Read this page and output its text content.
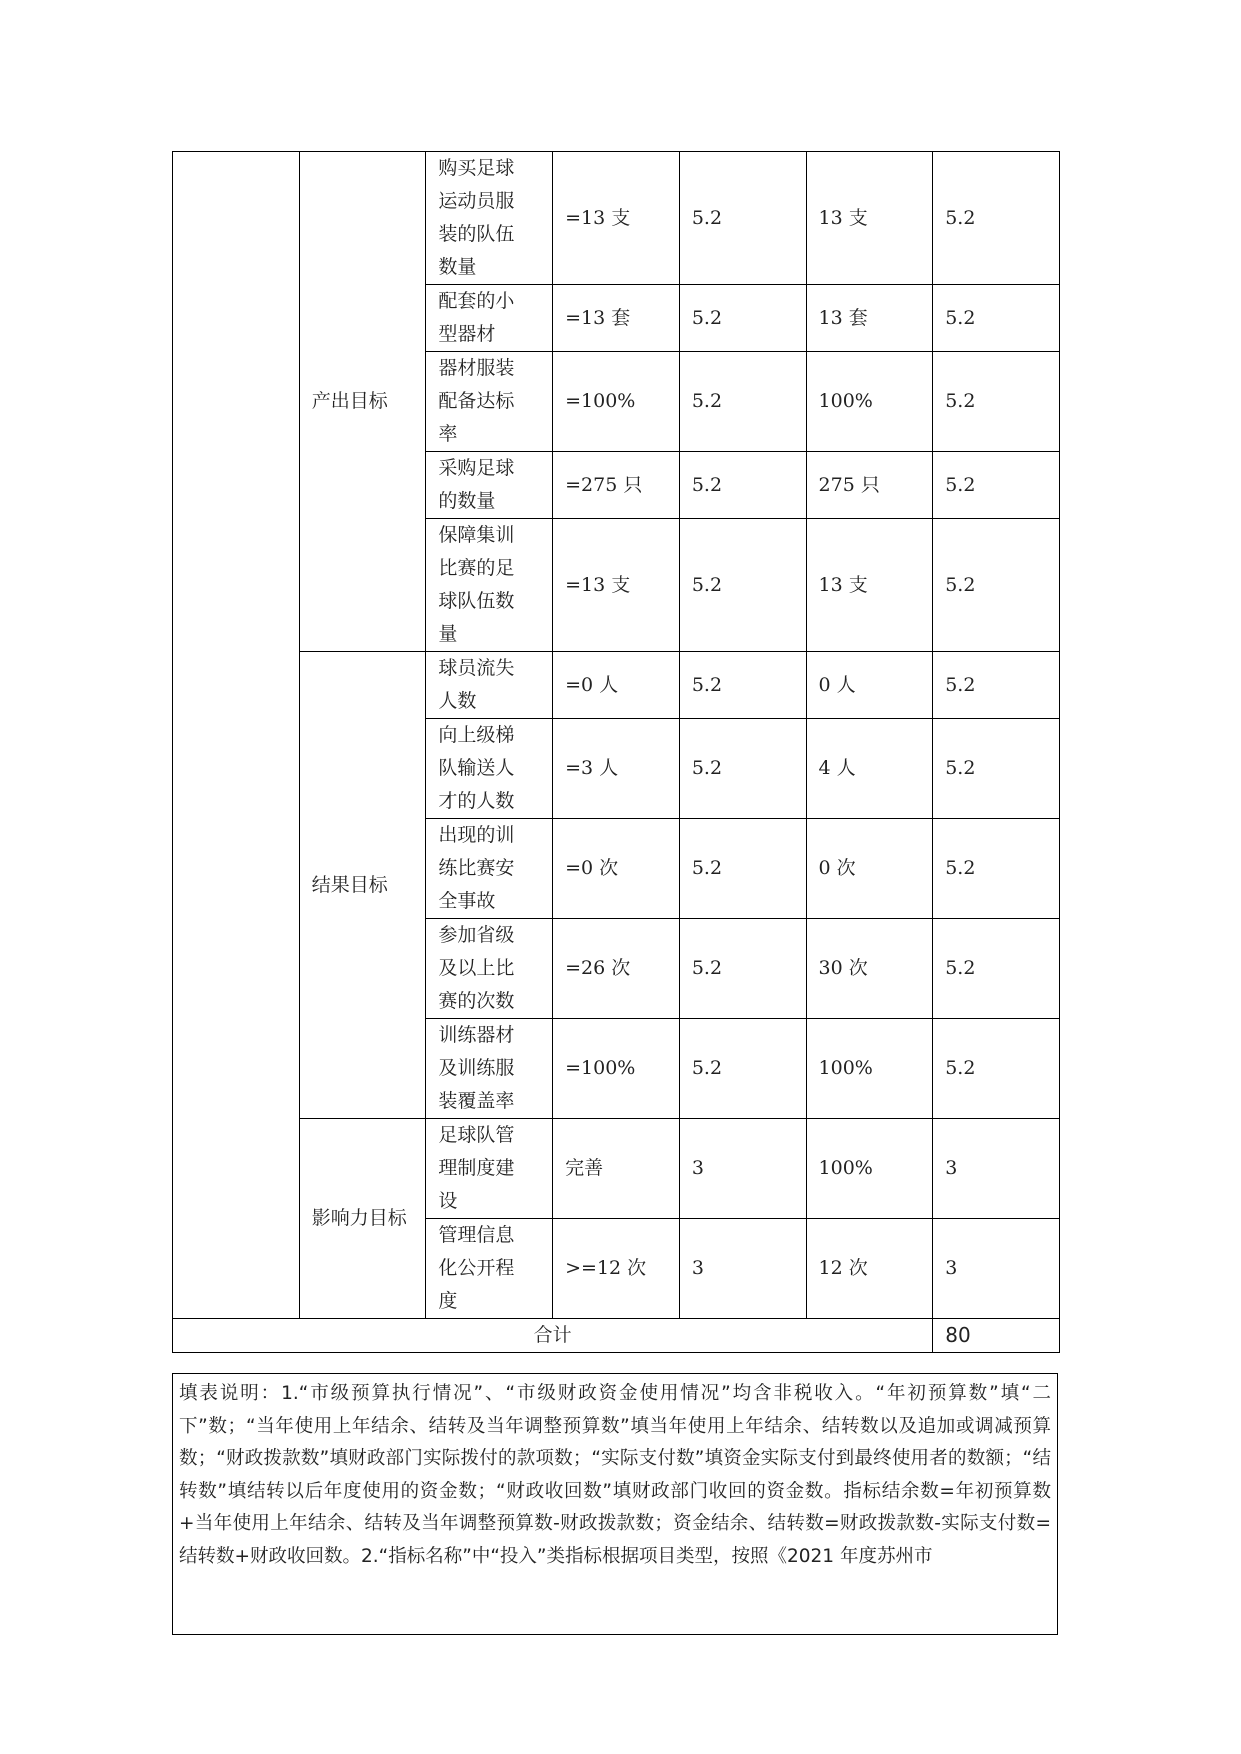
	产出目标	购买足球
运动员服
装的队伍
数量	=13 支	5.2	13 支	5.2
		配套的小
型器材	=13 套	5.2	13 套	5.2
		器材服装
配备达标
率	=100%	5.2	100%	5.2
		采购足球
的数量	=275 只	5.2	275 只	5.2
		保障集训
比赛的足
球队伍数
量	=13 支	5.2	13 支	5.2
	结果目标	球员流失
人数	=0 人	5.2	0 人	5.2
		向上级梯
队输送人
才的人数	=3 人	5.2	4 人	5.2
		出现的训
练比赛安
全事故	=0 次	5.2	0 次	5.2
		参加省级
及以上比
赛的次数	=26 次	5.2	30 次	5.2
		训练器材
及训练服
装覆盖率	=100%	5.2	100%	5.2
	影响力目标	足球队管
理制度建
设	完善	3	100%	3
		管理信息
化公开程
度	>=12 次	3	12 次	3
合计						80
填表说明：1.“市级预算执行情况”、“市级财政资金使用情况”均含非税收入。“年初预算数”填“二下”数；“当年使用上年结余、结转及当年调整预算数”填当年使用上年结余、结转数以及追加或调减预算数；“财政拨款数”填财政部门实际拨付的款项数；“实际支付数”填资金实际支付到最终使用者的数额；“结转数”填结转以后年度使用的资金数；“财政收回数”填财政部门收回的资金数。指标结余数=年初预算数+当年使用上年结余、结转及当年调整预算数-财政拨款数；资金结余、结转数=财政拨款数-实际支付数=结转数+财政收回数。2.“指标名称”中“投入”类指标根据项目类型，按照《2021 年度苏州市
